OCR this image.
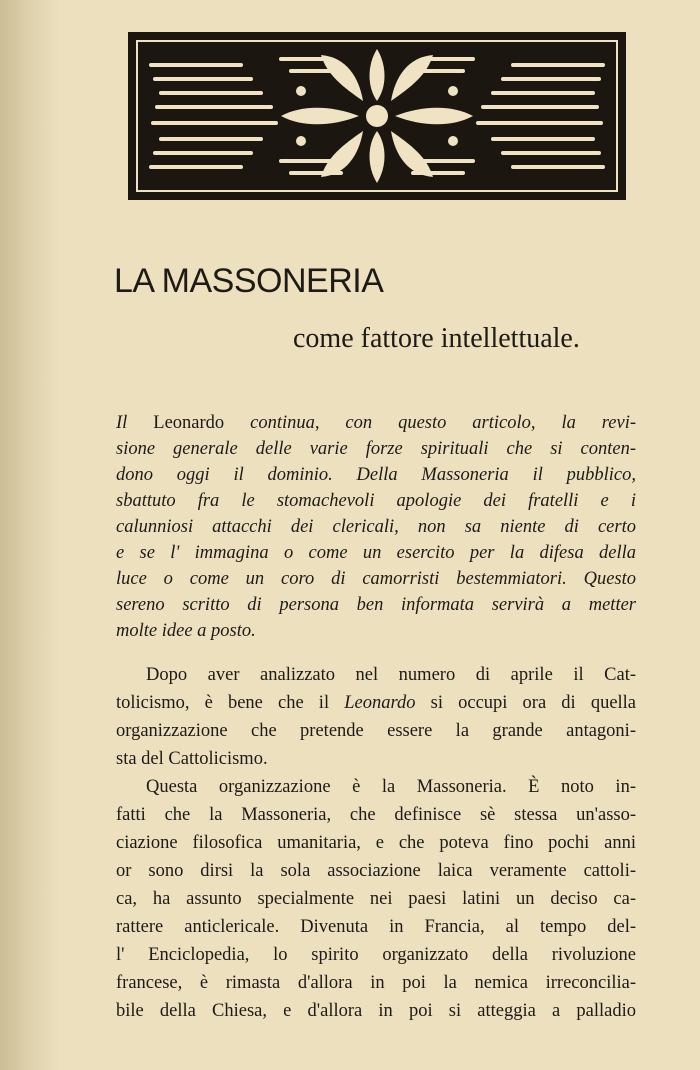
LA MASSONERIA
come fattore intellettuale.

Il Leonardo continua, con questo articolo, la revi-

sione generale delle varie forze spirituali che si conten-

dono oggi il dominio. Della Massoneria il pubblico,

sbattuto fra le stomachevoli apologie dei fratelli e i

calunniosi attacchi dei clericali, non sa niente di certo

e se l' immagina o come un esercito per la difesa della

luce o come un coro di camorristi bestemmiatori. Questo

sereno scritto di persona ben informata servirà a metter

molte idee a posto.

Dopo aver analizzato nel numero di aprile il Cat-

tolicismo, è bene che il Leonardo si occupi ora di quella

organizzazione che pretende essere la grande antagoni-

sta del Cattolicismo.

Questa organizzazione è la Massoneria. È noto in-

fatti che la Massoneria, che definisce sè stessa un'asso-

ciazione filosofica umanitaria, e che poteva fino pochi anni

or sono dirsi la sola associazione laica veramente cattoli-

ca, ha assunto specialmente nei paesi latini un deciso ca-

rattere anticlericale. Divenuta in Francia, al tempo del-

l' Enciclopedia, lo spirito organizzato della rivoluzione

francese, è rimasta d'allora in poi la nemica irreconcilia-

bile della Chiesa, e d'allora in poi si atteggia a palladio
